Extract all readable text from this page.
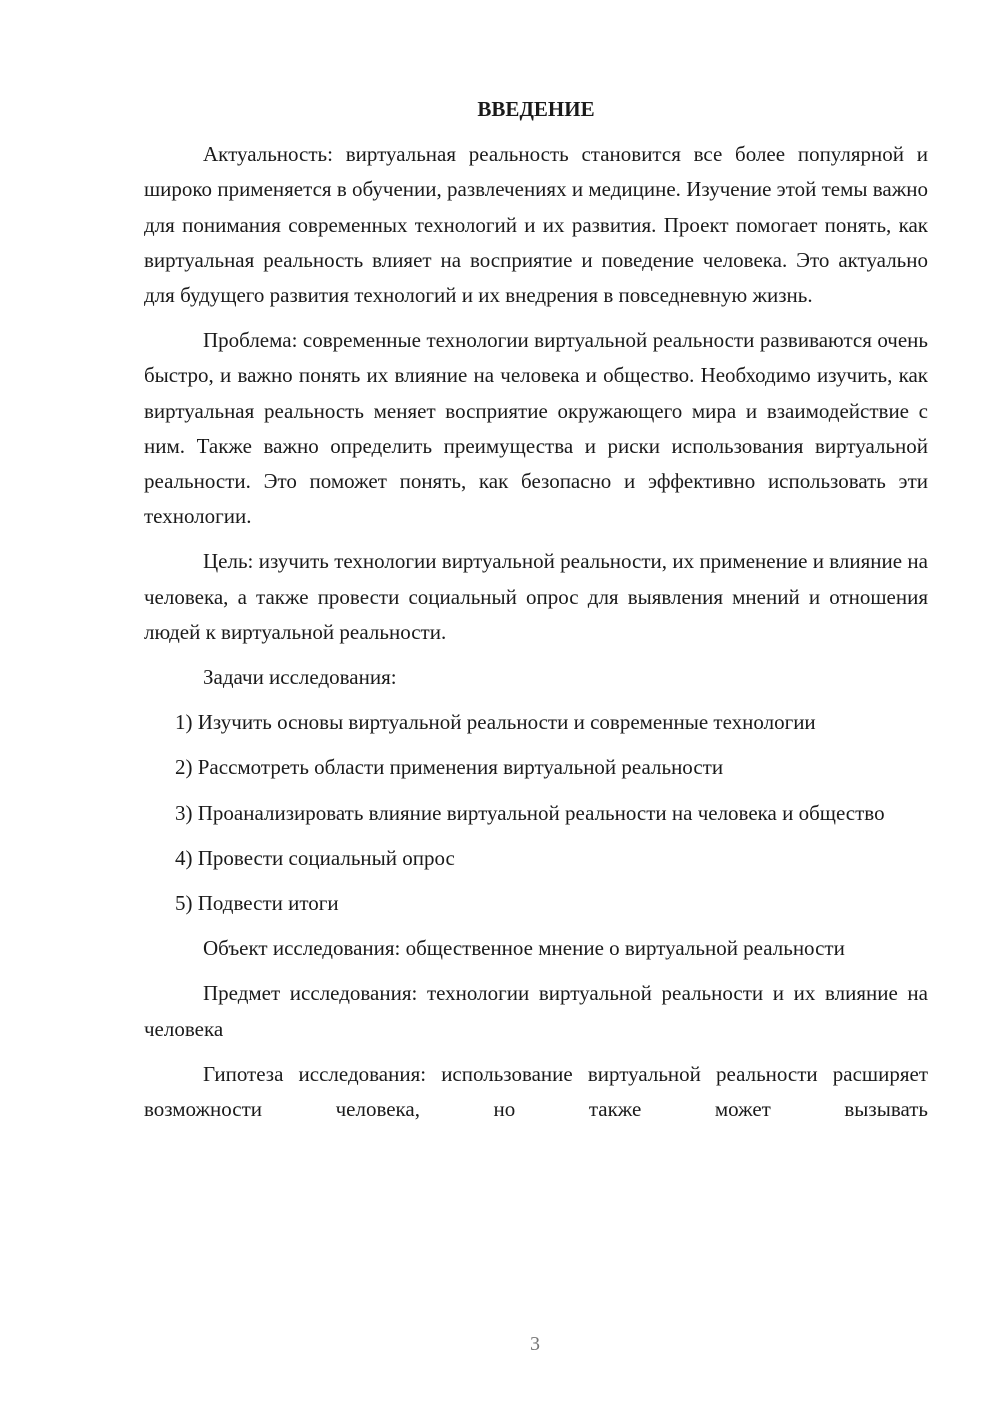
ВВЕДЕНИЕ

Актуальность: виртуальная реальность становится все более популярной и широко применяется в обучении, развлечениях и медицине. Изучение этой темы важно для понимания современных технологий и их развития. Проект помогает понять, как виртуальная реальность влияет на восприятие и поведение человека. Это актуально для будущего развития технологий и их внедрения в повседневную жизнь.

Проблема: современные технологии виртуальной реальности развиваются очень быстро, и важно понять их влияние на человека и общество. Необходимо изучить, как виртуальная реальность меняет восприятие окружающего мира и взаимодействие с ним. Также важно определить преимущества и риски использования виртуальной реальности. Это поможет понять, как безопасно и эффективно использовать эти технологии.

Цель: изучить технологии виртуальной реальности, их применение и влияние на человека, а также провести социальный опрос для выявления мнений и отношения людей к виртуальной реальности.

Задачи исследования:

1) Изучить основы виртуальной реальности и современные технологии

2) Рассмотреть области применения виртуальной реальности

3) Проанализировать влияние виртуальной реальности на человека и общество

4) Провести социальный опрос

5) Подвести итоги

Объект исследования: общественное мнение о виртуальной реальности

Предмет исследования: технологии виртуальной реальности и их влияние на человека

Гипотеза исследования: использование виртуальной реальности расширяет возможности человека, но также может вызывать

3
